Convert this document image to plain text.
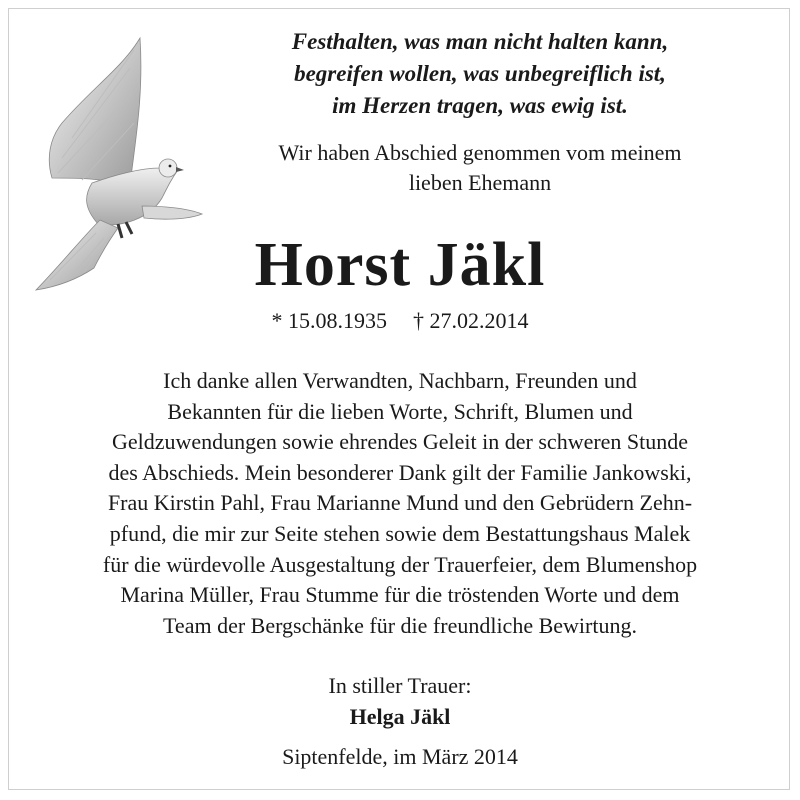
Festhalten, was man nicht halten kann,
begreifen wollen, was unbegreiflich ist,
im Herzen tragen, was ewig ist.
Wir haben Abschied genommen vom meinem
lieben Ehemann
Horst Jäkl
* 15.08.1935 † 27.02.2014
Ich danke allen Verwandten, Nachbarn, Freunden und
Bekannten für die lieben Worte, Schrift, Blumen und
Geldzuwendungen sowie ehrendes Geleit in der schweren Stunde
des Abschieds. Mein besonderer Dank gilt der Familie Jankowski,
Frau Kirstin Pahl, Frau Marianne Mund und den Gebrüdern Zehn-
pfund, die mir zur Seite stehen sowie dem Bestattungshaus Malek
für die würdevolle Ausgestaltung der Trauerfeier, dem Blumenshop
Marina Müller, Frau Stumme für die tröstenden Worte und dem
Team der Bergschänke für die freundliche Bewirtung.
In stiller Trauer:
Helga Jäkl
Siptenfelde, im März 2014
